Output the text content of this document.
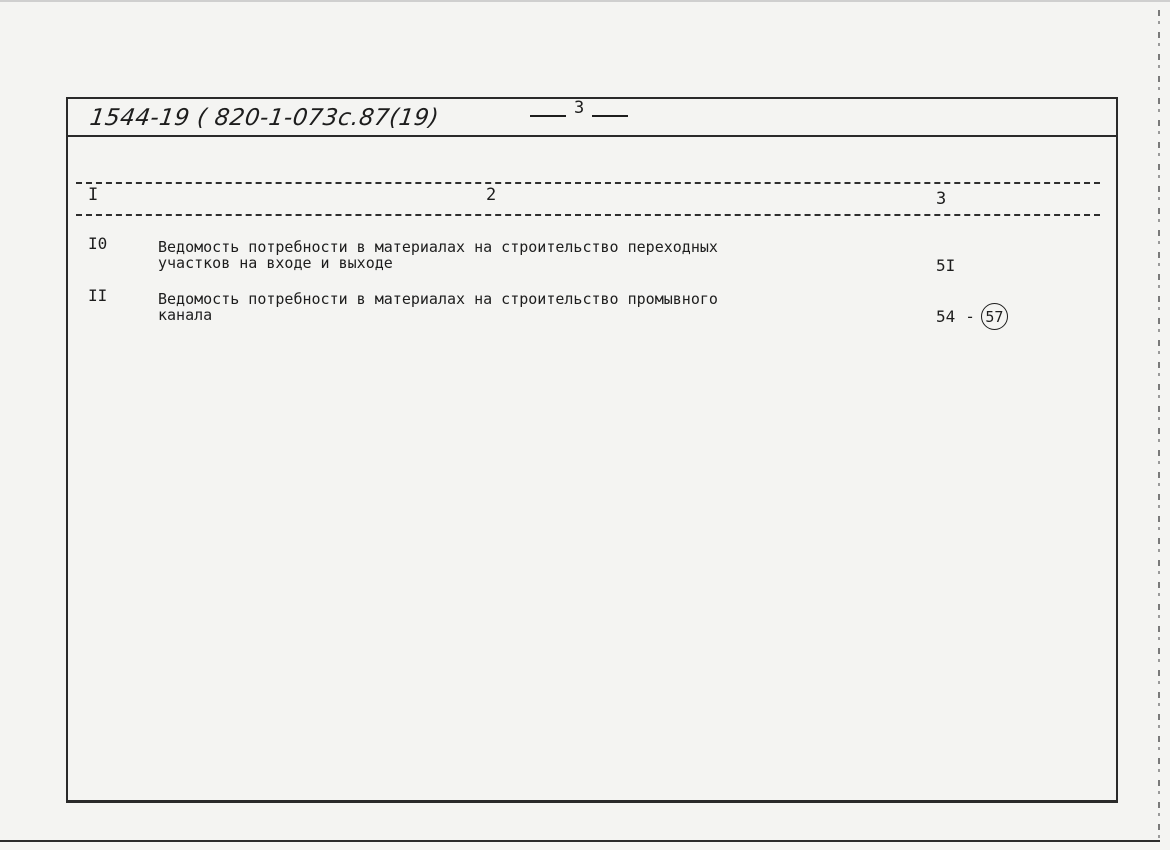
1544-19 ( 820-1-073с.87(19)	3
I	2	3
I0	Ведомость потребности в материалах на строительство переходных
участков на входе и выходе	5I
II	Ведомость потребности в материалах на строительство промывного
канала	54 - 57
